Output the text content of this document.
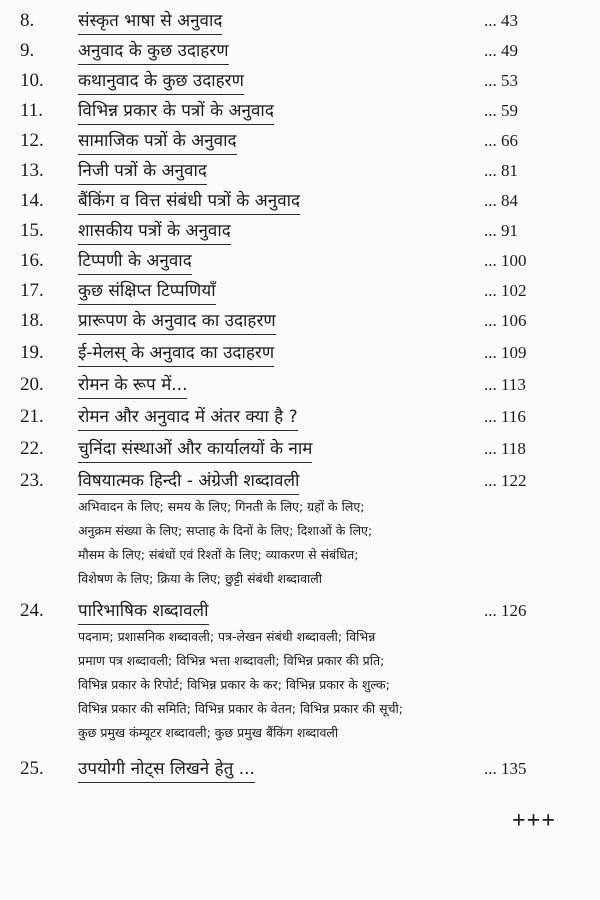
8.	संस्कृत भाषा से अनुवाद	... 43
9.	अनुवाद के कुछ उदाहरण	... 49
10. कथानुवाद के कुछ उदाहरण	... 53
11. विभिन्न प्रकार के पत्रों के अनुवाद	... 59
12. सामाजिक पत्रों के अनुवाद	... 66
13. निजी पत्रों के अनुवाद	... 81
14. बैंकिंग व वित्त संबंधी पत्रों के अनुवाद	... 84
15. शासकीय पत्रों के अनुवाद	... 91
16. टिप्पणी के अनुवाद	... 100
17. कुछ संक्षिप्त टिप्पणियाँ	... 102
18. प्रारूपण के अनुवाद का उदाहरण	... 106
19. ई-मेलस् के अनुवाद का उदाहरण	... 109
20. रोमन के रूप में...	... 113
21. रोमन और अनुवाद में अंतर क्या है ?	... 116
22. चुनिंदा संस्थाओं और कार्यालयों के नाम	... 118
23. विषयात्मक हिन्दी - अंग्रेजी शब्दावली	... 122
अभिवादन के लिए; समय के लिए; गिनती के लिए; ग्रहों के लिए;
अनुक्रम संख्या के लिए; सप्ताह के दिनों के लिए; दिशाओं के लिए;
मौसम के लिए; संबंधों एवं रिश्तों के लिए; व्याकरण से संबंधित;
विशेषण के लिए; क्रिया के लिए; छुट्टी संबंधी शब्दावाली
24. पारिभाषिक शब्दावली	... 126
पदनाम; प्रशासनिक शब्दावली; पत्र-लेखन संबंधी शब्दावली; विभिन्न
प्रमाण पत्र शब्दावली; विभिन्न भत्ता शब्दावली; विभिन्न प्रकार की प्रति;
विभिन्न प्रकार के रिपोर्ट; विभिन्न प्रकार के कर; विभिन्न प्रकार के शुल्क;
विभिन्न प्रकार की समिति; विभिन्न प्रकार के वेतन; विभिन्न प्रकार की सूची;
कुछ प्रमुख कंम्यूटर शब्दावली; कुछ प्रमुख बैंकिंग शब्दावली
25. उपयोगी नोट्स लिखने हेतु ...	... 135
+++
